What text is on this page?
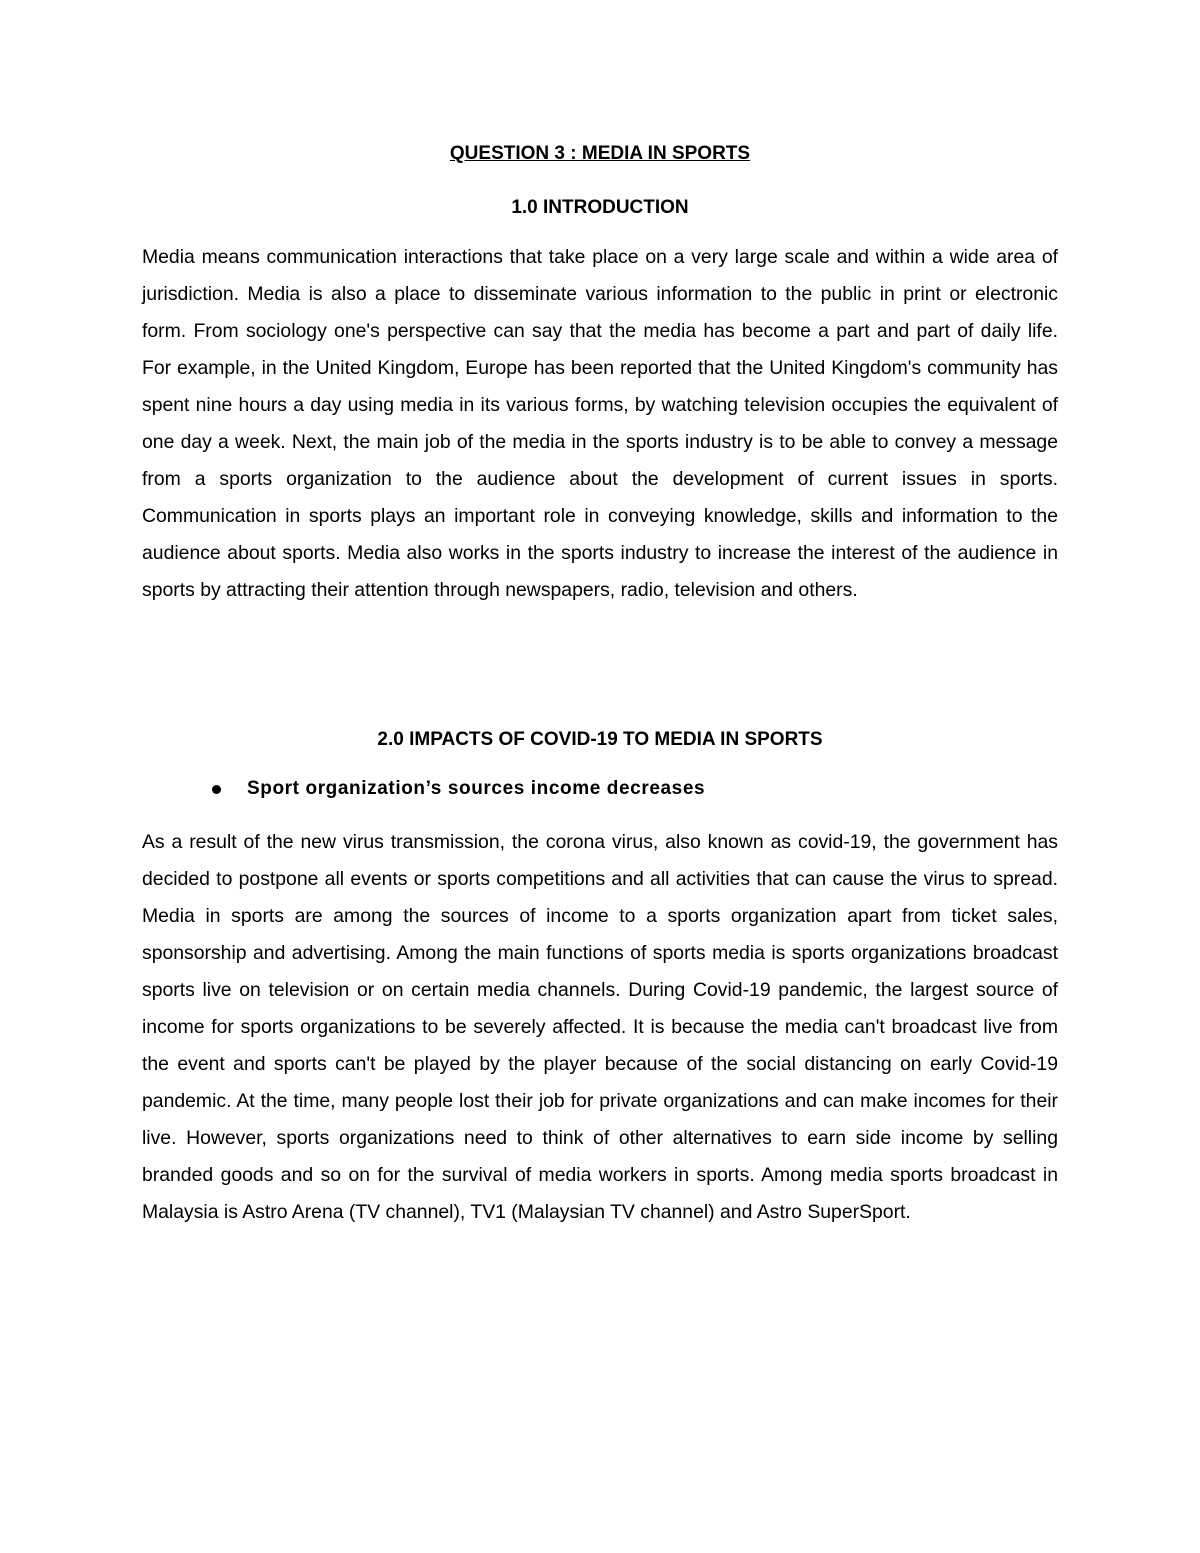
QUESTION 3 : MEDIA IN SPORTS
1.0 INTRODUCTION

Media means communication interactions that take place on a very large scale and within a wide area of jurisdiction. Media is also a place to disseminate various information to the public in print or electronic form. From sociology one's perspective can say that the media has become a part and part of daily life. For example, in the United Kingdom, Europe has been reported that the United Kingdom's community has spent nine hours a day using media in its various forms, by watching television occupies the equivalent of one day a week. Next, the main job of the media in the sports industry is to be able to convey a message from a sports organization to the audience about the development of current issues in sports. Communication in sports plays an important role in conveying knowledge, skills and information to the audience about sports. Media also works in the sports industry to increase the interest of the audience in sports by attracting their attention through newspapers, radio, television and others.

2.0 IMPACTS OF COVID-19 TO MEDIA IN SPORTS
Sport organization’s sources income decreases

As a result of the new virus transmission, the corona virus, also known as covid-19, the government has decided to postpone all events or sports competitions and all activities that can cause the virus to spread. Media in sports are among the sources of income to a sports organization apart from ticket sales, sponsorship and advertising. Among the main functions of sports media is sports organizations broadcast sports live on television or on certain media channels. During Covid-19 pandemic, the largest source of income for sports organizations to be severely affected. It is because the media can't broadcast live from the event and sports can't be played by the player because of the social distancing on early Covid-19 pandemic. At the time, many people lost their job for private organizations and can make incomes for their live. However, sports organizations need to think of other alternatives to earn side income by selling branded goods and so on for the survival of media workers in sports. Among media sports broadcast in Malaysia is Astro Arena (TV channel), TV1 (Malaysian TV channel) and Astro SuperSport.
